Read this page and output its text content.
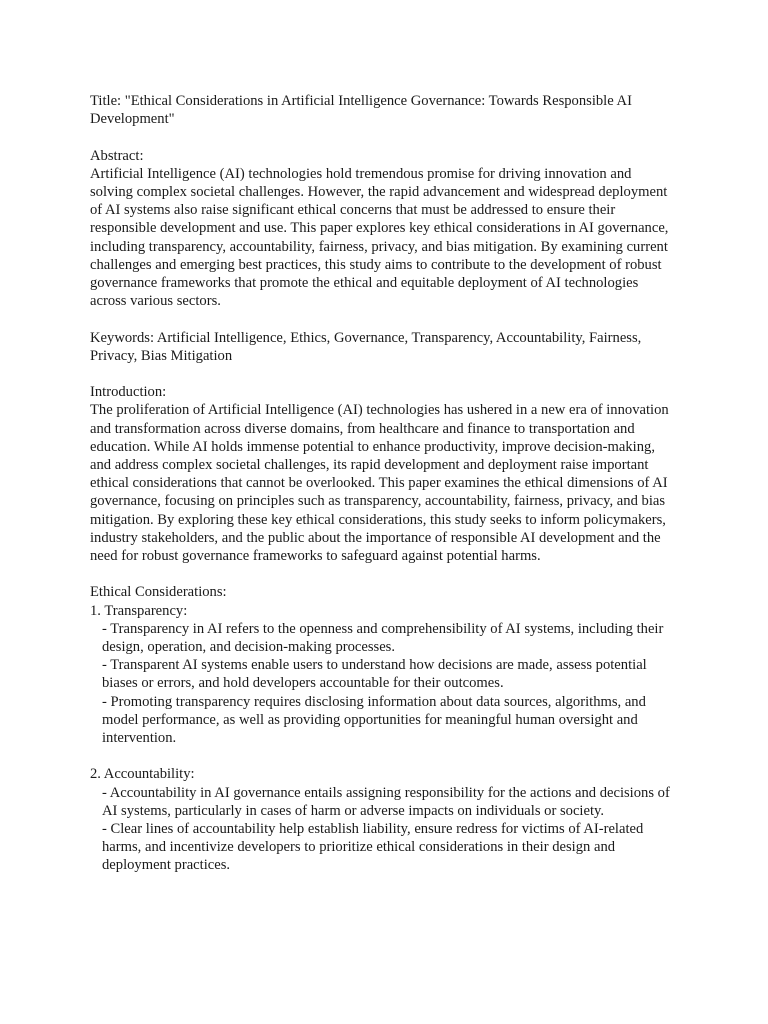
Title: "Ethical Considerations in Artificial Intelligence Governance: Towards Responsible AI Development"
Abstract:
Artificial Intelligence (AI) technologies hold tremendous promise for driving innovation and solving complex societal challenges. However, the rapid advancement and widespread deployment of AI systems also raise significant ethical concerns that must be addressed to ensure their responsible development and use. This paper explores key ethical considerations in AI governance, including transparency, accountability, fairness, privacy, and bias mitigation. By examining current challenges and emerging best practices, this study aims to contribute to the development of robust governance frameworks that promote the ethical and equitable deployment of AI technologies across various sectors.
Keywords: Artificial Intelligence, Ethics, Governance, Transparency, Accountability, Fairness, Privacy, Bias Mitigation
Introduction:
The proliferation of Artificial Intelligence (AI) technologies has ushered in a new era of innovation and transformation across diverse domains, from healthcare and finance to transportation and education. While AI holds immense potential to enhance productivity, improve decision-making, and address complex societal challenges, its rapid development and deployment raise important ethical considerations that cannot be overlooked. This paper examines the ethical dimensions of AI governance, focusing on principles such as transparency, accountability, fairness, privacy, and bias mitigation. By exploring these key ethical considerations, this study seeks to inform policymakers, industry stakeholders, and the public about the importance of responsible AI development and the need for robust governance frameworks to safeguard against potential harms.
Ethical Considerations:
1. Transparency:
- Transparency in AI refers to the openness and comprehensibility of AI systems, including their design, operation, and decision-making processes.
- Transparent AI systems enable users to understand how decisions are made, assess potential biases or errors, and hold developers accountable for their outcomes.
- Promoting transparency requires disclosing information about data sources, algorithms, and model performance, as well as providing opportunities for meaningful human oversight and intervention.
2. Accountability:
- Accountability in AI governance entails assigning responsibility for the actions and decisions of AI systems, particularly in cases of harm or adverse impacts on individuals or society.
- Clear lines of accountability help establish liability, ensure redress for victims of AI-related harms, and incentivize developers to prioritize ethical considerations in their design and deployment practices.
